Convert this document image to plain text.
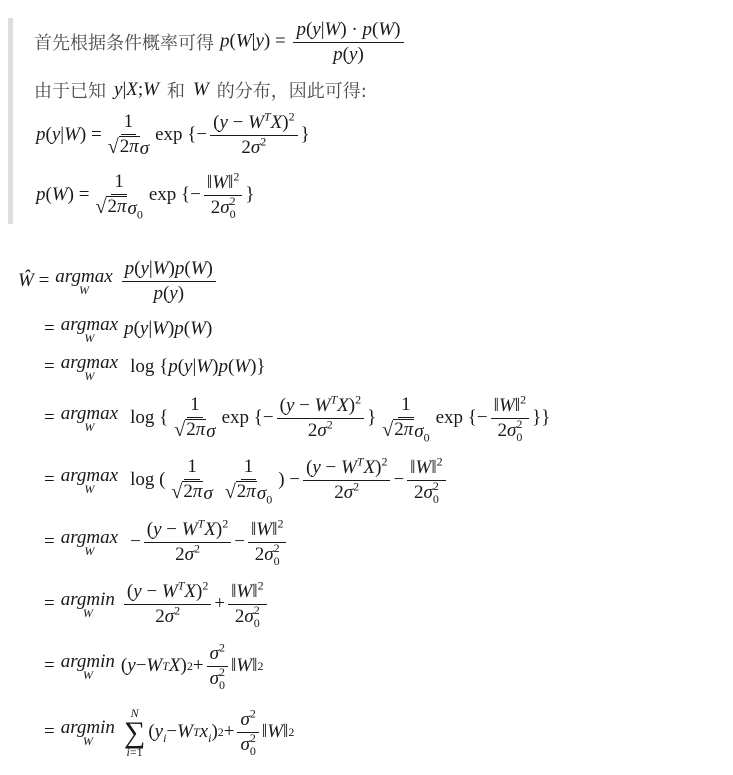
首先根据条件概率可得 $p(W|y) = \frac{p(y|W) \cdot p(W)}{p(y)}$
由于已知 y|X;W 和 W 的分布，因此可得:
p ( y | W ) = $\frac{1}{\text{√ 2π σ}}$ exp {− $\frac{(y - W^TX)^2}{2\sigma^2}$ }
p ( W ) = $\frac{1}{√ 2\pi \sigma_0}$ exp {− $\frac{‖W‖^2}{2\sigma_0^2}$ }
Ŵ = argmax
W $\frac{p(y|W)p(W)}{p(y)}$
= argmax
W p ( y | W ) p ( W )
= argmax
W log { p ( y | W ) p ( W )}
= argmax
W log { $\frac{1}{\text{√ 2π σ}}$ exp {− $\frac{(y - W^TX)^2}{2\sigma^2}$ } $\frac{1}{√ 2\pi \sigma_0}$ exp {− $\frac{‖W‖^2}{2\sigma_0^2}$ }}
= argmax
W log ( $\frac{1}{\text{√ 2π σ}} \frac{1}{√ 2\pi \sigma_0}$ ) − $\frac{(y - W^TX)^2}{2\sigma^2} - \frac{‖W‖^2}{2\sigma_0^2}$
= argmax
$W - \frac{(y - W^TX)^2}{2\sigma^2} - \frac{‖W‖^2}{2\sigma_0^2}$
= argmin
W $\frac{(y - W^TX)^2}{2\sigma^2} + \frac{‖W‖^2}{2\sigma_0^2}$
= argmin
W ( y − W T X ) $2 + \frac{\sigma^2}{\sigma_0^2}$ ‖ W ‖ 2
= argmin
W
N
∑
i=1
( $y_i - W$ T $x_i$ ) $2 + \frac{\sigma^2}{\sigma_0^2}$ ‖ W ‖ 2
